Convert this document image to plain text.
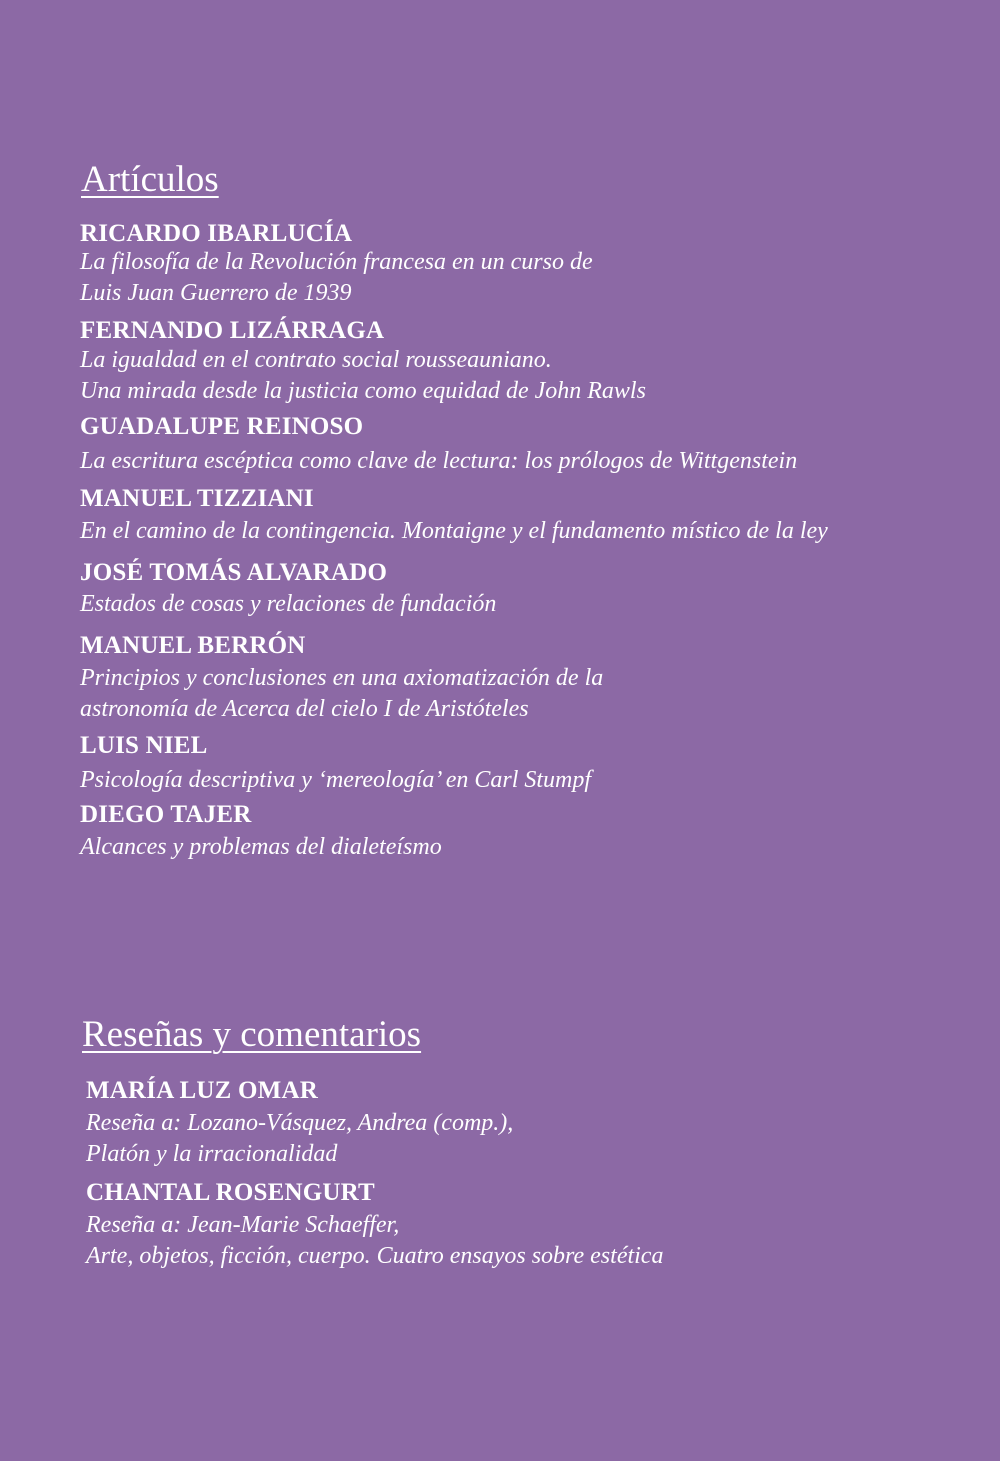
Artículos
RICARDO IBARLUCÍA
La filosofía de la Revolución francesa en un curso de
Luis Juan Guerrero de 1939
FERNANDO LIZÁRRAGA
La igualdad en el contrato social rousseauniano.
Una mirada desde la justicia como equidad de John Rawls
GUADALUPE REINOSO
La escritura escéptica como clave de lectura: los prólogos de Wittgenstein
MANUEL TIZZIANI
En el camino de la contingencia. Montaigne y el fundamento místico de la ley
JOSÉ TOMÁS ALVARADO
Estados de cosas y relaciones de fundación
MANUEL BERRÓN
Principios y conclusiones en una axiomatización de la
astronomía de Acerca del cielo I de Aristóteles
LUIS NIEL
Psicología descriptiva y ‘mereología’ en Carl Stumpf
DIEGO TAJER
Alcances y problemas del dialeteísmo
Reseñas y comentarios
MARÍA LUZ OMAR
Reseña a: Lozano-Vásquez, Andrea (comp.),
Platón y la irracionalidad
CHANTAL ROSENGURT
Reseña a: Jean-Marie Schaeffer,
Arte, objetos, ficción, cuerpo. Cuatro ensayos sobre estética
